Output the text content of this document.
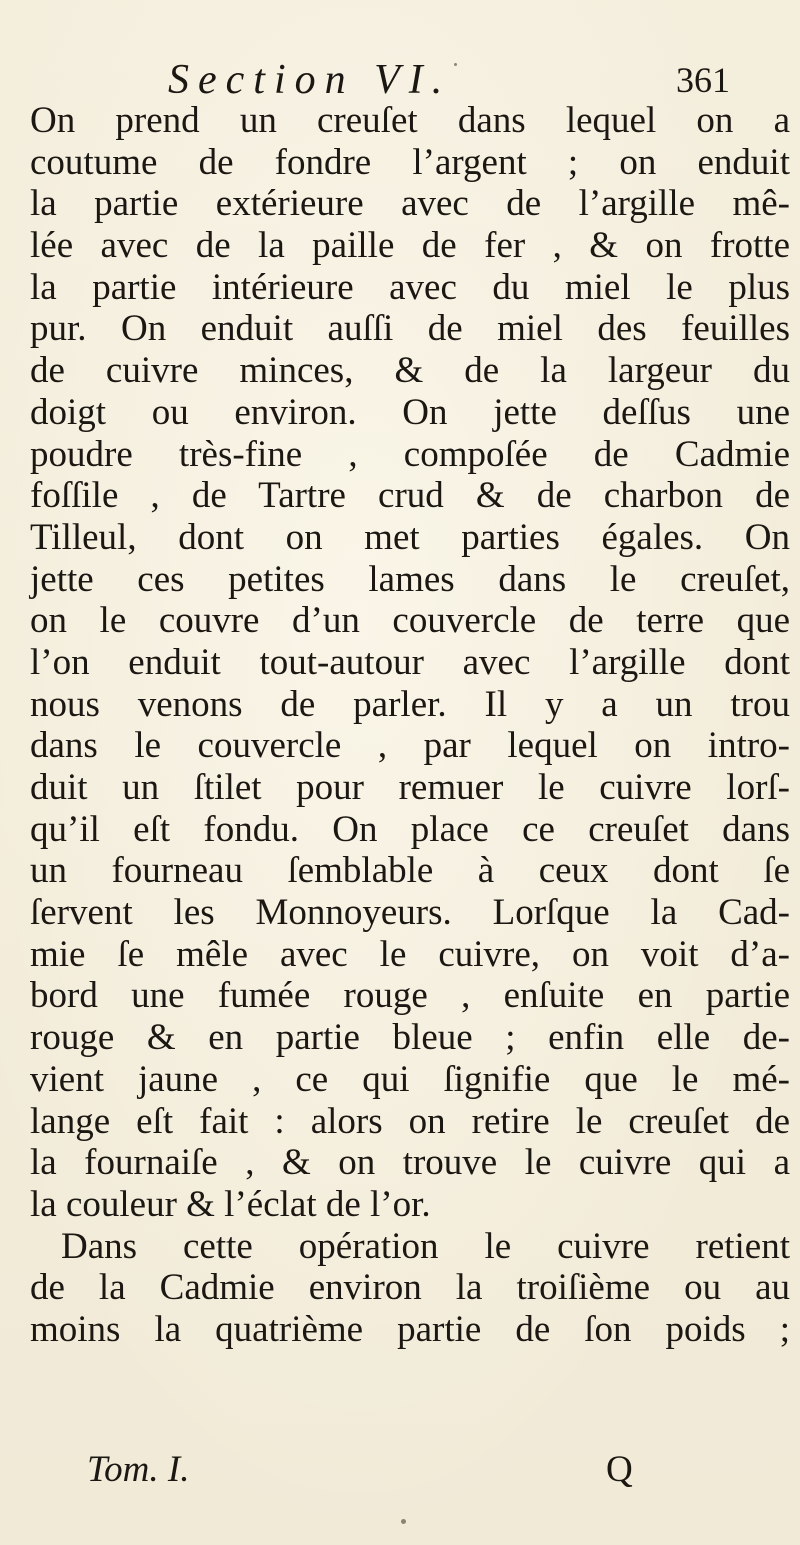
Section VI.	361
On prend un creuſet dans lequel on a
coutume de fondre l’argent ; on enduit
la partie extérieure avec de l’argille mê-
lée avec de la paille de fer , & on frotte
la partie intérieure avec du miel le plus
pur. On enduit auſſi de miel des feuilles
de cuivre minces, & de la largeur du
doigt ou environ. On jette deſſus une
poudre très-fine , compoſée de Cadmie
foſſile , de Tartre crud & de charbon de
Tilleul, dont on met parties égales. On
jette ces petites lames dans le creuſet,
on le couvre d’un couvercle de terre que
l’on enduit tout-autour avec l’argille dont
nous venons de parler. Il y a un trou
dans le couvercle , par lequel on intro-
duit un ſtilet pour remuer le cuivre lorſ-
qu’il eſt fondu. On place ce creuſet dans
un fourneau ſemblable à ceux dont ſe
ſervent les Monnoyeurs. Lorſque la Cad-
mie ſe mêle avec le cuivre, on voit d’a-
bord une fumée rouge , enſuite en partie
rouge & en partie bleue ; enfin elle de-
vient jaune , ce qui ſignifie que le mé-
lange eſt fait : alors on retire le creuſet de
la fournaiſe , & on trouve le cuivre qui a
la couleur & l’éclat de l’or.
Dans cette opération le cuivre retient
de la Cadmie environ la troiſième ou au
moins la quatrième partie de ſon poids ;
Tom. I.	Q
